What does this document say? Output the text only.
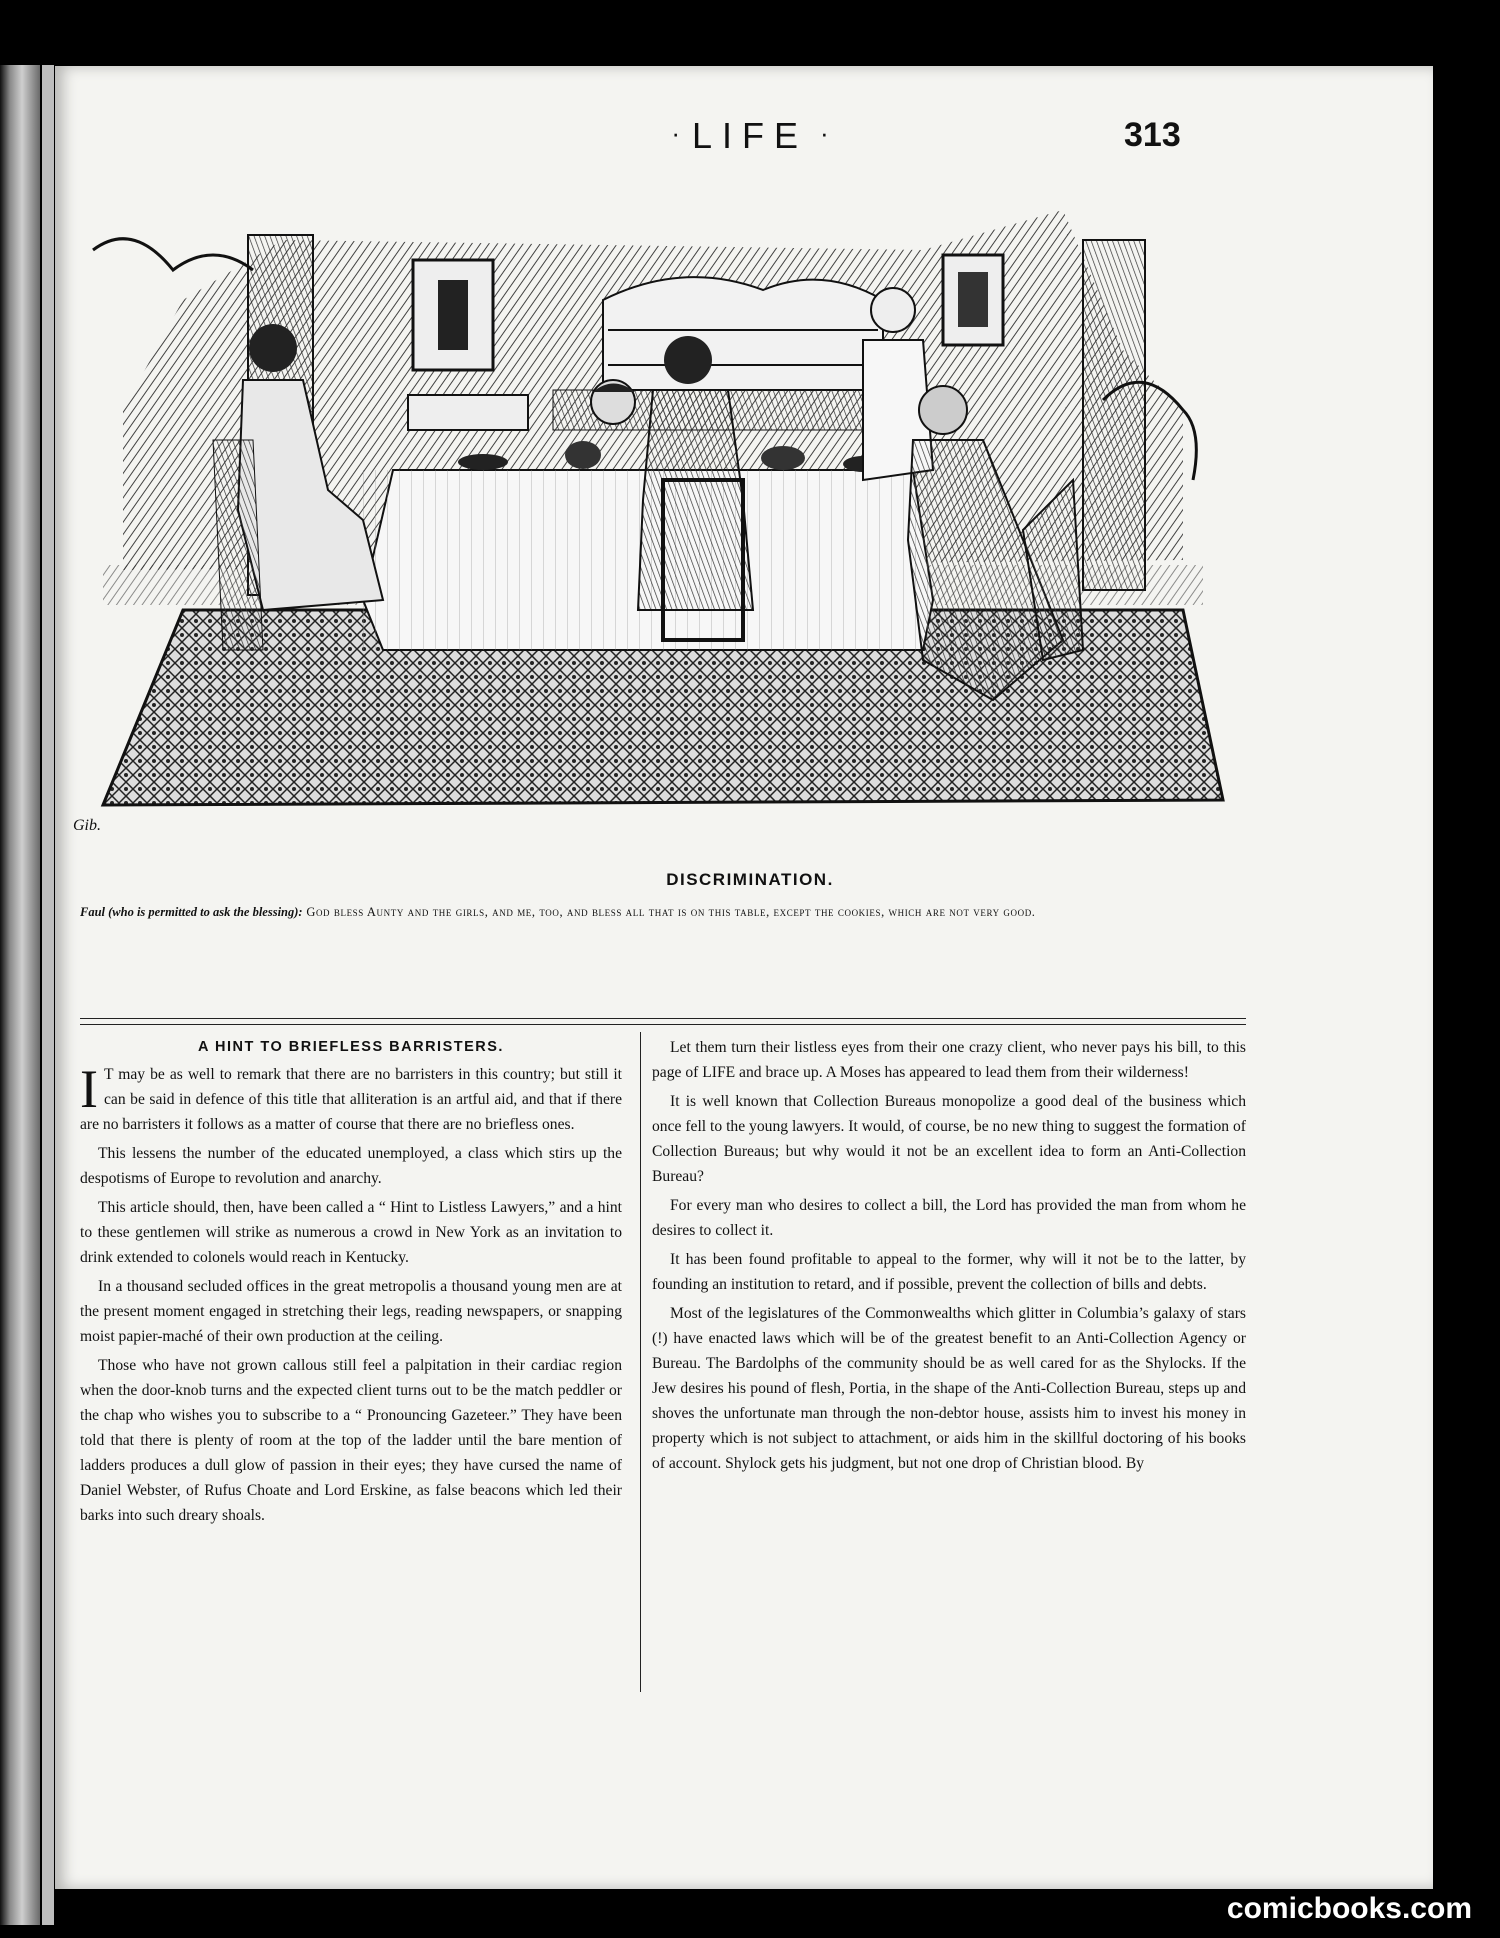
· LIFE ·	313
Gib.
DISCRIMINATION.
Faul (who is permitted to ask the blessing): God bless Aunty and the girls, and me, too, and bless all that is on this table, except the cookies, which are not very good.
A HINT TO BRIEFLESS BARRISTERS.

I T may be as well to remark that there are no barristers in this country; but still it can be said in defence of this title that alliteration is an artful aid, and that if there are no barristers it follows as a matter of course that there are no briefless ones.

This lessens the number of the educated unemployed, a class which stirs up the despotisms of Europe to revolution and anarchy.

This article should, then, have been called a “ Hint to Listless Lawyers,” and a hint to these gentlemen will strike as numerous a crowd in New York as an invitation to drink extended to colonels would reach in Kentucky.

In a thousand secluded offices in the great metropolis a thousand young men are at the present moment engaged in stretching their legs, reading newspapers, or snapping moist papier-maché of their own production at the ceiling.

Those who have not grown callous still feel a palpitation in their cardiac region when the door-knob turns and the expected client turns out to be the match peddler or the chap who wishes you to subscribe to a “ Pronouncing Gazeteer.” They have been told that there is plenty of room at the top of the ladder until the bare mention of ladders produces a dull glow of passion in their eyes; they have cursed the name of Daniel Webster, of Rufus Choate and Lord Erskine, as false beacons which led their barks into such dreary shoals.

Let them turn their listless eyes from their one crazy client, who never pays his bill, to this page of LIFE and brace up. A Moses has appeared to lead them from their wilderness!

It is well known that Collection Bureaus monopolize a good deal of the business which once fell to the young lawyers. It would, of course, be no new thing to suggest the formation of Collection Bureaus; but why would it not be an excellent idea to form an Anti-Collection Bureau?

For every man who desires to collect a bill, the Lord has provided the man from whom he desires to collect it.

It has been found profitable to appeal to the former, why will it not be to the latter, by founding an institution to retard, and if possible, prevent the collection of bills and debts.

Most of the legislatures of the Commonwealths which glitter in Columbia’s galaxy of stars (!) have enacted laws which will be of the greatest benefit to an Anti-Collection Agency or Bureau. The Bardolphs of the community should be as well cared for as the Shylocks. If the Jew desires his pound of flesh, Portia, in the shape of the Anti-Collection Bureau, steps up and shoves the unfortunate man through the non-debtor house, assists him to invest his money in property which is not subject to attachment, or aids him in the skillful doctoring of his books of account. Shylock gets his judgment, but not one drop of Christian blood. By

comicbooks.com
